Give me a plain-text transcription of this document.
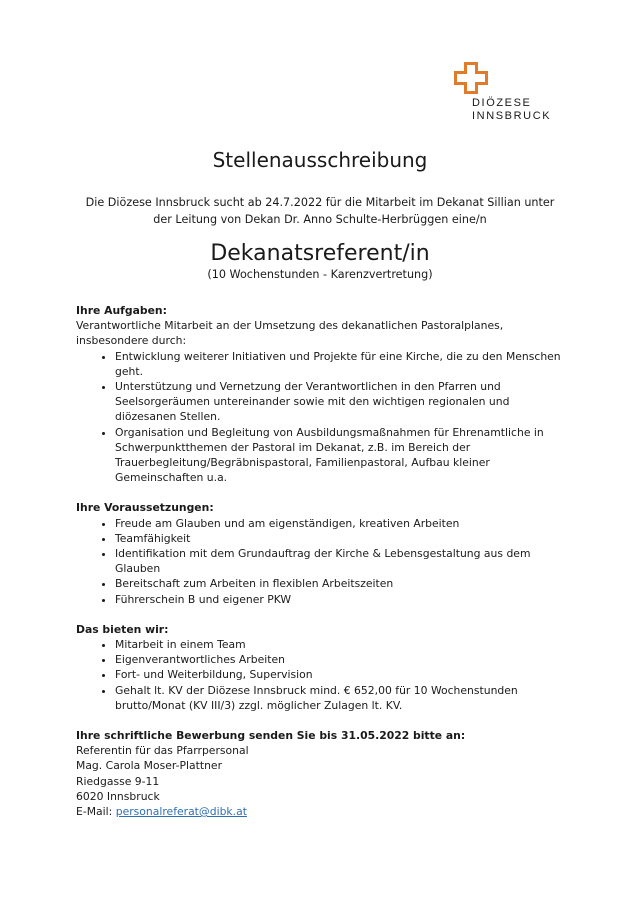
DIÖZESE
INNSBRUCK
Stellenausschreibung
Die Diözese Innsbruck sucht ab 24.7.2022 für die Mitarbeit im Dekanat Sillian unter
der Leitung von Dekan Dr. Anno Schulte-Herbrüggen eine/n
Dekanatsreferent/in
(10 Wochenstunden - Karenzvertretung)
Ihre Aufgaben:
Verantwortliche Mitarbeit an der Umsetzung des dekanatlichen Pastoralplanes,
insbesondere durch:
• Entwicklung weiterer Initiativen und Projekte für eine Kirche, die zu den Menschen geht.
• Unterstützung und Vernetzung der Verantwortlichen in den Pfarren und Seelsorgeräumen untereinander sowie mit den wichtigen regionalen und diözesanen Stellen.
• Organisation und Begleitung von Ausbildungsmaßnahmen für Ehrenamtliche in Schwerpunktthemen der Pastoral im Dekanat, z.B. im Bereich der Trauerbegleitung/Begräbnispastoral, Familienpastoral, Aufbau kleiner Gemeinschaften u.a.
Ihre Voraussetzungen:
• Freude am Glauben und am eigenständigen, kreativen Arbeiten
• Teamfähigkeit
• Identifikation mit dem Grundauftrag der Kirche & Lebensgestaltung aus dem Glauben
• Bereitschaft zum Arbeiten in flexiblen Arbeitszeiten
• Führerschein B und eigener PKW
Das bieten wir:
• Mitarbeit in einem Team
• Eigenverantwortliches Arbeiten
• Fort- und Weiterbildung, Supervision
• Gehalt lt. KV der Diözese Innsbruck mind. € 652,00 für 10 Wochenstunden brutto/Monat (KV III/3) zzgl. möglicher Zulagen lt. KV.
Ihre schriftliche Bewerbung senden Sie bis 31.05.2022 bitte an:
Referentin für das Pfarrpersonal
Mag. Carola Moser-Plattner
Riedgasse 9-11
6020 Innsbruck
E-Mail: personalreferat@dibk.at
